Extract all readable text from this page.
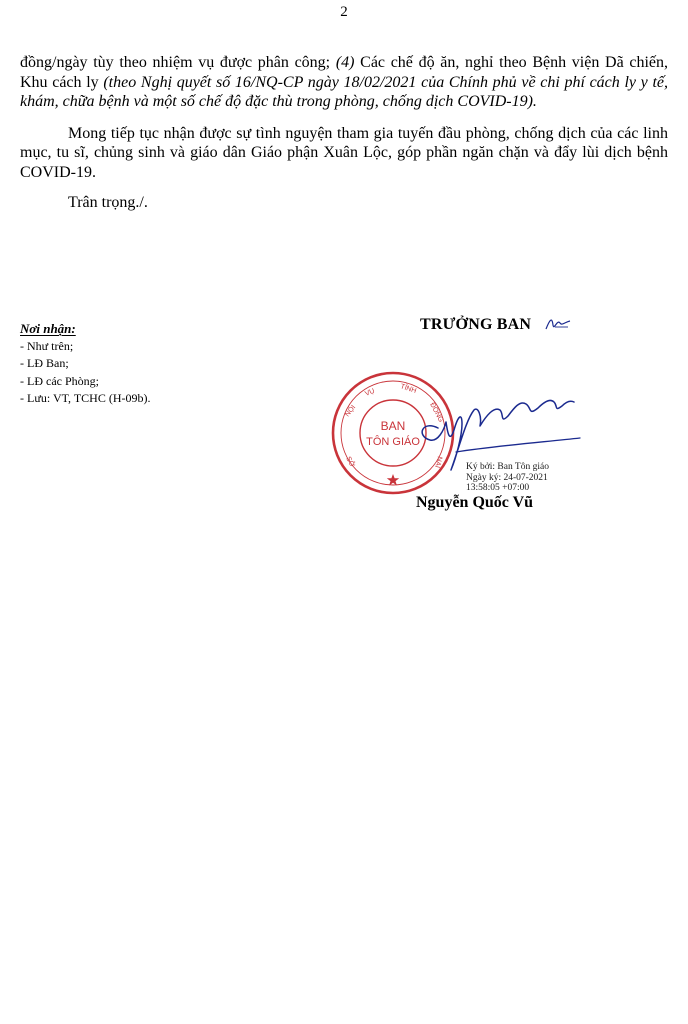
2

đồng/ngày tùy theo nhiệm vụ được phân công; (4) Các chế độ ăn, nghỉ theo Bệnh viện Dã chiến, Khu cách ly (theo Nghị quyết số 16/NQ-CP ngày 18/02/2021 của Chính phủ về chi phí cách ly y tế, khám, chữa bệnh và một số chế độ đặc thù trong phòng, chống dịch COVID-19).

Mong tiếp tục nhận được sự tình nguyện tham gia tuyến đầu phòng, chống dịch của các linh mục, tu sĩ, chủng sinh và giáo dân Giáo phận Xuân Lộc, góp phần ngăn chặn và đẩy lùi dịch bệnh COVID-19.

Trân trọng./.

Nơi nhận:
- Như trên;
- LĐ Ban;
- LĐ các Phòng;
- Lưu: VT, TCHC (H-09b).
TRƯỞNG BAN
NỘI
VỤ	TỈNH
ĐỒNG
NAI
SỞ
BAN
TÔN GIÁO
Ký bởi: Ban Tôn giáo
Ngày ký: 24-07-2021
13:58:05 +07:00
Nguyễn Quốc Vũ
